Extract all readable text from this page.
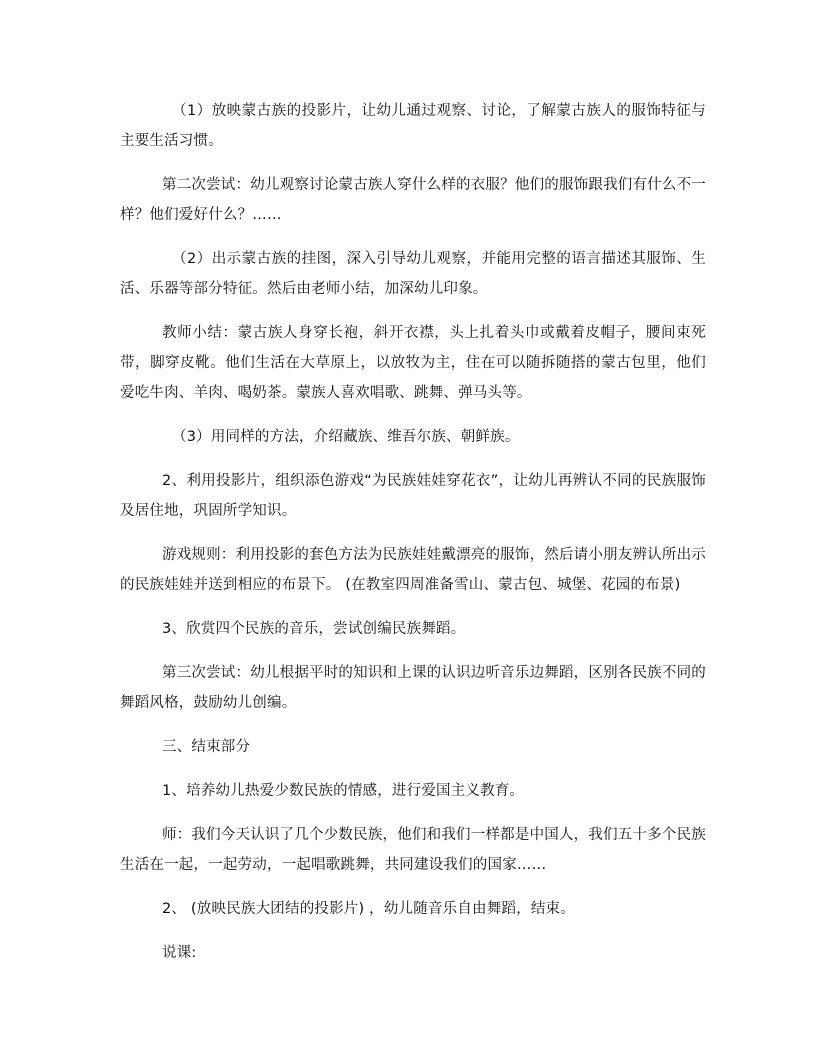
（1）放映蒙古族的投影片，让幼儿通过观察、讨论，了解蒙古族人的服饰特征与主要生活习惯。

第二次尝试：幼儿观察讨论蒙古族人穿什么样的衣服？他们的服饰跟我们有什么不一样？他们爱好什么？……

（2）出示蒙古族的挂图，深入引导幼儿观察，并能用完整的语言描述其服饰、生活、乐器等部分特征。然后由老师小结，加深幼儿印象。

教师小结：蒙古族人身穿长袍，斜开衣襟，头上扎着头巾或戴着皮帽子，腰间束死带，脚穿皮靴。他们生活在大草原上，以放牧为主，住在可以随拆随搭的蒙古包里，他们爱吃牛肉、羊肉、喝奶茶。蒙族人喜欢唱歌、跳舞、弹马头等。

（3）用同样的方法，介绍藏族、维吾尔族、朝鲜族。

2、利用投影片，组织添色游戏“为民族娃娃穿花衣”，让幼儿再辨认不同的民族服饰及居住地，巩固所学知识。

游戏规则：利用投影的套色方法为民族娃娃戴漂亮的服饰，然后请小朋友辨认所出示的民族娃娃并送到相应的布景下。 (在教室四周准备雪山、蒙古包、城堡、花园的布景)

3、欣赏四个民族的音乐，尝试创编民族舞蹈。

第三次尝试：幼儿根据平时的知识和上课的认识边听音乐边舞蹈，区别各民族不同的舞蹈风格，鼓励幼儿创编。

三、结束部分

1、培养幼儿热爱少数民族的情感，进行爱国主义教育。

师：我们今天认识了几个少数民族，他们和我们一样都是中国人，我们五十多个民族生活在一起，一起劳动，一起唱歌跳舞，共同建设我们的国家……

2、 (放映民族大团结的投影片) ，幼儿随音乐自由舞蹈，结束。

说课:
